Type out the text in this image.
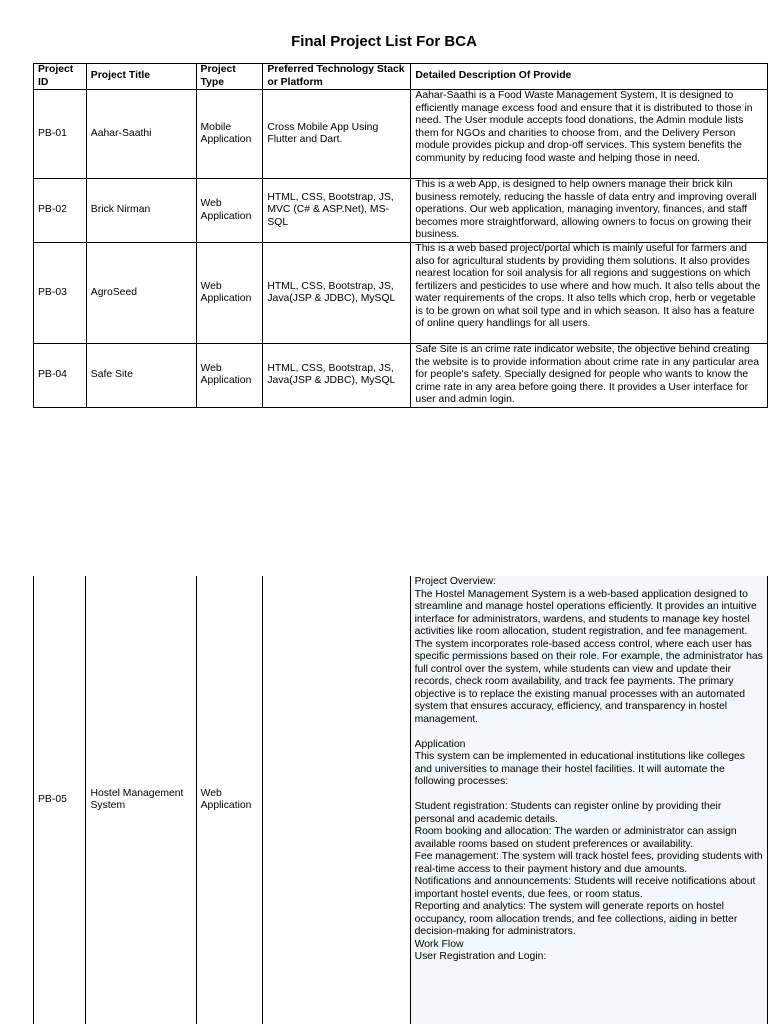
Final Project List For BCA
Project ID	Project Title	Project Type	Preferred Technology Stack or Platform	Detailed Description Of Provide
PB-01	Aahar-Saathi	Mobile Application	Cross Mobile App Using Flutter and Dart.	Aahar-Saathi is a Food Waste Management System, It is designed to efficiently manage excess food and ensure that it is distributed to those in need. The User module accepts food donations, the Admin module lists them for NGOs and charities to choose from, and the Delivery Person module provides pickup and drop-off services. This system benefits the community by reducing food waste and helping those in need.
PB-02	Brick Nirman	Web Application	HTML, CSS, Bootstrap, JS, MVC (C# & ASP.Net), MS-SQL	This is a web App, is designed to help owners manage their brick kiln business remotely, reducing the hassle of data entry and improving overall operations. Our web application, managing inventory, finances, and staff becomes more straightforward, allowing owners to focus on growing their business.
PB-03	AgroSeed	Web Application	HTML, CSS, Bootstrap, JS, Java(JSP & JDBC), MySQL	This is a web based project/portal which is mainly useful for farmers and also for agricultural students by providing them solutions. It also provides nearest location for soil analysis for all regions and suggestions on which fertilizers and pesticides to use where and how much. It also tells about the water requirements of the crops. It also tells which crop, herb or vegetable is to be grown on what soil type and in which season. It also has a feature of online query handlings for all users.
PB-04	Safe Site	Web Application	HTML, CSS, Bootstrap, JS, Java(JSP & JDBC), MySQL	Safe Site is an crime rate indicator website, the objective behind creating the website is to provide information about crime rate in any particular area for people's safety. Specially designed for people who wants to know the crime rate in any area before going there. It provides a User interface for user and admin login.
PB-05	Hostel Management System	Web Application		Project Overview:
The Hostel Management System is a web-based application designed to streamline and manage hostel operations efficiently. It provides an intuitive interface for administrators, wardens, and students to manage key hostel activities like room allocation, student registration, and fee management. The system incorporates role-based access control, where each user has specific permissions based on their role. For example, the administrator has full control over the system, while students can view and update their records, check room availability, and track fee payments. The primary objective is to replace the existing manual processes with an automated system that ensures accuracy, efficiency, and transparency in hostel management.

Application
This system can be implemented in educational institutions like colleges and universities to manage their hostel facilities. It will automate the following processes:

Student registration: Students can register online by providing their personal and academic details.
Room booking and allocation: The warden or administrator can assign available rooms based on student preferences or availability.
Fee management: The system will track hostel fees, providing students with real-time access to their payment history and due amounts.
Notifications and announcements: Students will receive notifications about important hostel events, due fees, or room status.
Reporting and analytics: The system will generate reports on hostel occupancy, room allocation trends, and fee collections, aiding in better decision-making for administrators.
Work Flow
User Registration and Login:
